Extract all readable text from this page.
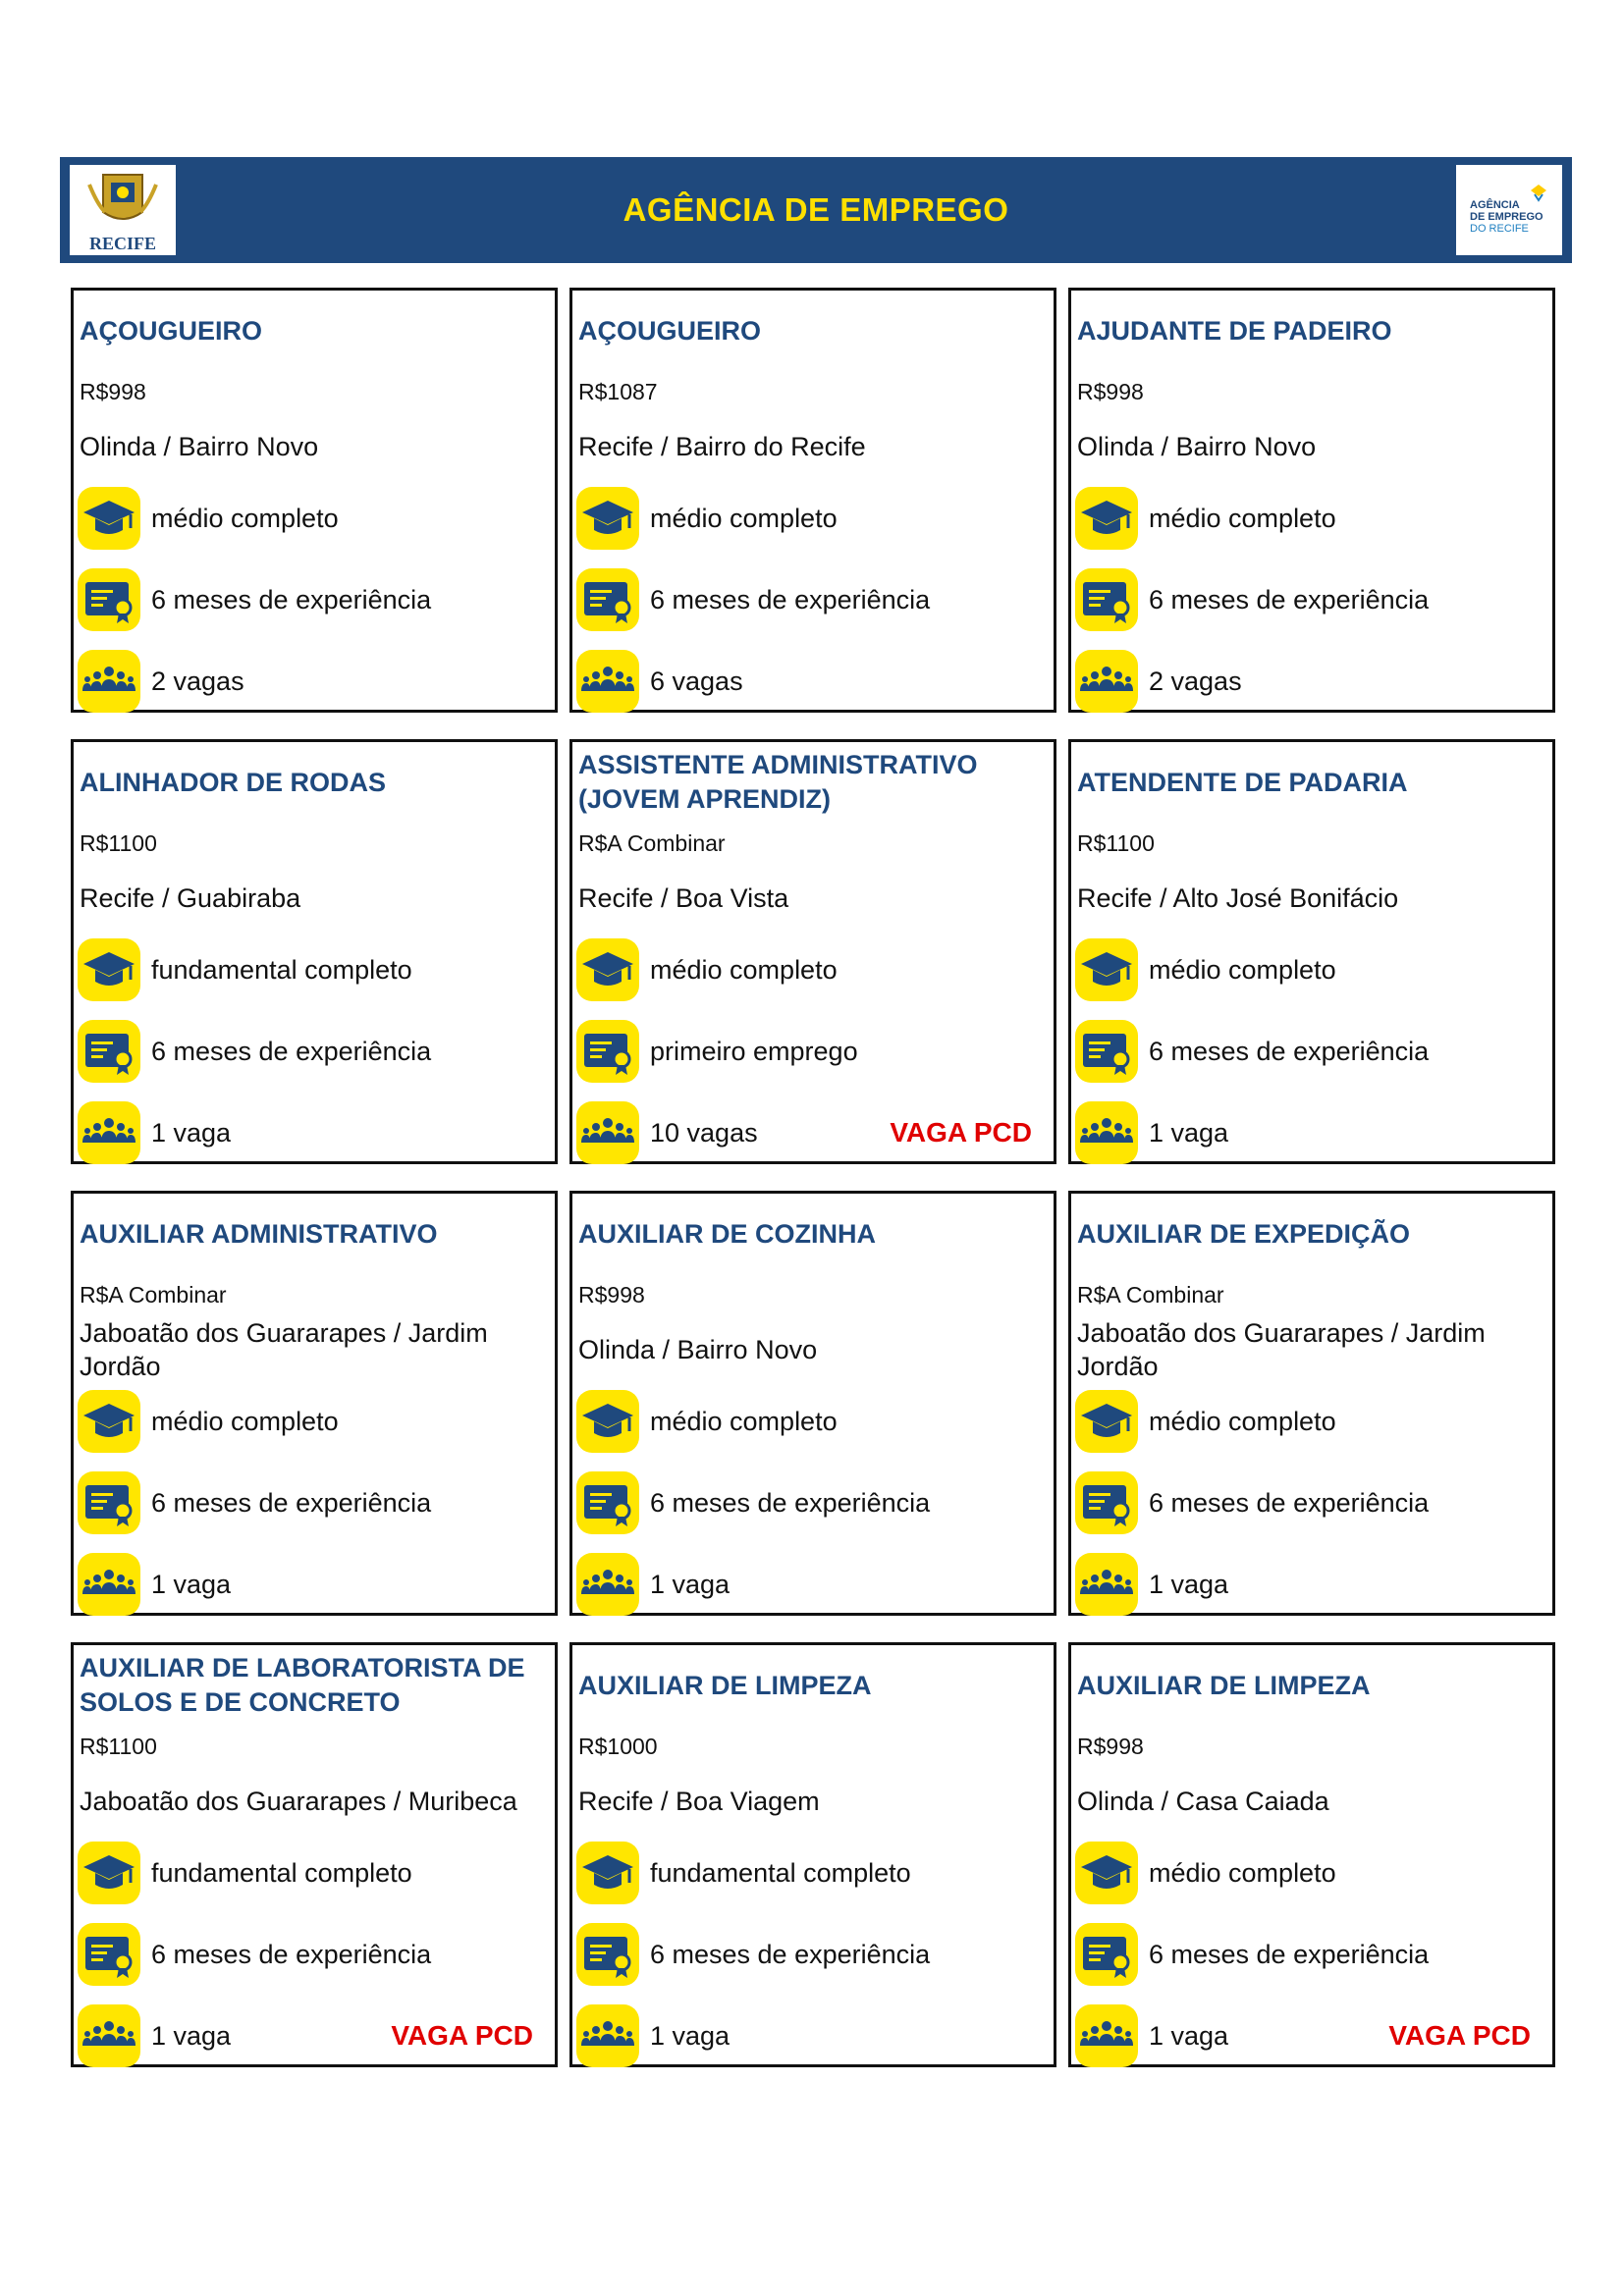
RECIFE
AGÊNCIA DE EMPREGO	AGÊNCIA
DE EMPREGO
DO RECIFE
AÇOUGUEIRO
R$998
Olinda / Bairro Novo
médio completo
6 meses de experiência
2 vagas
AÇOUGUEIRO
R$1087
Recife / Bairro do Recife
médio completo
6 meses de experiência
6 vagas
AJUDANTE DE PADEIRO
R$998
Olinda / Bairro Novo
médio completo
6 meses de experiência
2 vagas
ALINHADOR DE RODAS
R$1100
Recife / Guabiraba
fundamental completo
6 meses de experiência
1 vaga
ASSISTENTE ADMINISTRATIVO (JOVEM APRENDIZ)
R$A Combinar
Recife / Boa Vista
médio completo
primeiro emprego
10 vagas	VAGA PCD
ATENDENTE DE PADARIA
R$1100
Recife / Alto José Bonifácio
médio completo
6 meses de experiência
1 vaga
AUXILIAR ADMINISTRATIVO
R$A Combinar
Jaboatão dos Guararapes / Jardim Jordão
médio completo
6 meses de experiência
1 vaga
AUXILIAR DE COZINHA
R$998
Olinda / Bairro Novo
médio completo
6 meses de experiência
1 vaga
AUXILIAR DE EXPEDIÇÃO
R$A Combinar
Jaboatão dos Guararapes / Jardim Jordão
médio completo
6 meses de experiência
1 vaga
AUXILIAR DE LABORATORISTA DE SOLOS E DE CONCRETO
R$1100
Jaboatão dos Guararapes / Muribeca
fundamental completo
6 meses de experiência
1 vaga	VAGA PCD
AUXILIAR DE LIMPEZA
R$1000
Recife / Boa Viagem
fundamental completo
6 meses de experiência
1 vaga
AUXILIAR DE LIMPEZA
R$998
Olinda / Casa Caiada
médio completo
6 meses de experiência
1 vaga	VAGA PCD
